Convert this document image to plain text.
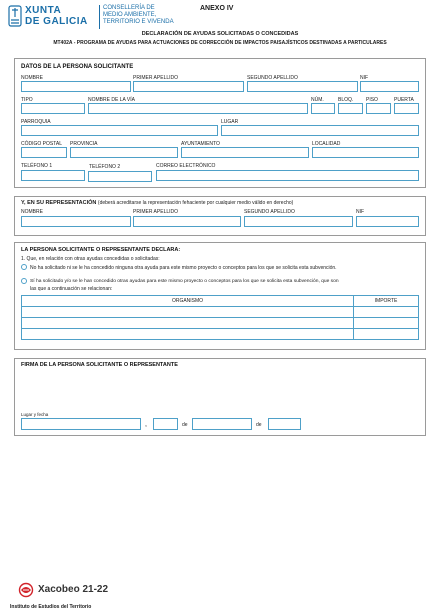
XUNTA
DE GALICIA
CONSELLERÍA DE
MEDIO AMBIENTE,
TERRITORIO E VIVENDA
ANEXO IV
DECLARACIÓN DE AYUDAS SOLICITADAS O CONCEDIDAS
MT402A - PROGRAMA DE AYUDAS PARA ACTUACIONES DE CORRECCIÓN DE IMPACTOS PAISAJÍSTICOS DESTINADAS A PARTICULARES
DATOS DE LA PERSONA SOLICITANTE
NOMBRE	PRIMER APELLIDO	SEGUNDO APELLIDO	NIF
TIPO	NOMBRE DE LA VÍA	NÚM.	BLOQ.	PISO	PUERTA
PARROQUIA	LUGAR
CÓDIGO POSTAL PROVINCIA	AYUNTAMIENTO	LOCALIDAD
TELÉFONO 1	TELÉFONO 2	CORREO ELECTRÓNICO
Y, EN SU REPRESENTACIÓN (deberá acreditarse la representación fehaciente por cualquier medio válido en derecho)
NOMBRE	PRIMER APELLIDO	SEGUNDO APELLIDO	NIF
LA PERSONA SOLICITANTE O REPRESENTANTE DECLARA:
1. Que, en relación con otras ayudas concedidas o solicitadas:
No ha solicitado ni se le ha concedido ninguna otra ayuda para este mismo proyecto o conceptos para los que se solicita esta subvención.
Sí ha solicitado y/o se le han concedido otras ayudas para este mismo proyecto o conceptos para los que se solicita esta subvención, que son
las que a continuación se relacionan:
ORGANISMO	IMPORTE

FIRMA DE LA PERSONA SOLICITANTE O REPRESENTANTE
Lugar y fecha
,	de	de
Xacobeo 21-22
Instituto de Estudios del Territorio
